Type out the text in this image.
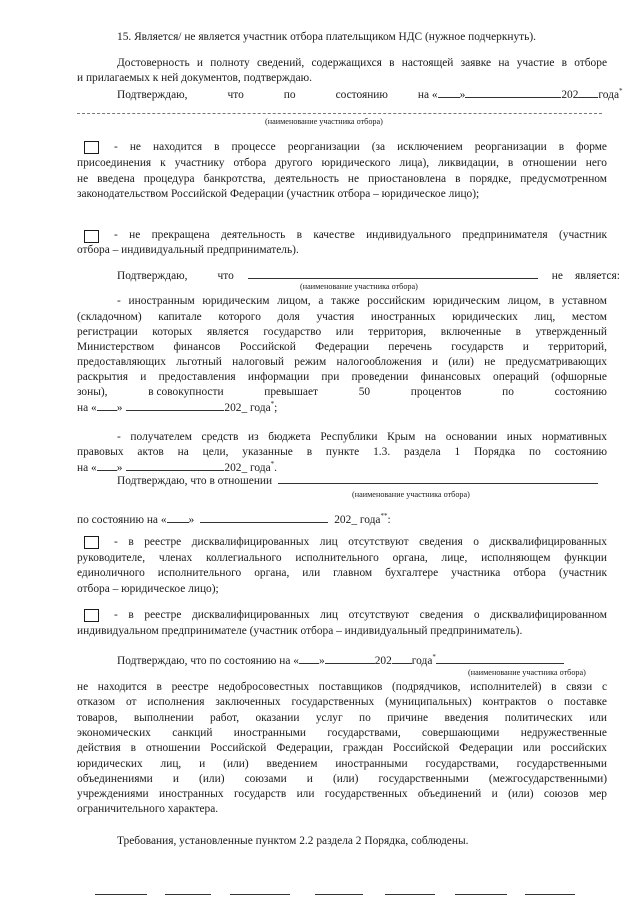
15. Является/ не является участник отбора плательщиком НДС (нужное подчеркнуть).
Достоверность и полноту сведений, содержащихся в настоящей заявке на участие в отборе
и прилагаемых к ней документов, подтверждаю.
Подтверждаю,	что	по	состоянию	на « »	202 года*
(наименование участника отбора)
- не находится в процессе реорганизации (за исключением реорганизации в форме
присоединения к участнику отбора другого юридического лица), ликвидации, в отношении него
не введена процедура банкротства, деятельность не приостановлена в порядке, предусмотренном
законодательством Российской Федерации (участник отбора – юридическое лицо);
- не прекращена деятельность в качестве индивидуального предпринимателя (участник
отбора – индивидуальный предприниматель).
Подтверждаю,	что	не является:
(наименование участника отбора)
- иностранным юридическим лицом, а также российским юридическим лицом, в уставном
(складочном) капитале которого доля участия иностранных юридических лиц, местом
регистрации которых является государство или территория, включенные в утвержденный
Министерством финансов Российской Федерации перечень государств и территорий,
предоставляющих льготный налоговый режим налогообложения и (или) не предусматривающих
раскрытия и предоставления информации при проведении финансовых операций (офшорные
зоны),	в совокупности	превышает	50	процентов	по	состоянию
на « »	202_ года*;
- получателем средств из бюджета Республики Крым на основании иных нормативных
правовых актов на цели, указанные в пункте 1.3. раздела 1 Порядка по состоянию
на « »	202_ года*.
Подтверждаю, что в отношении
(наименование участника отбора)
по состоянию на « »	202_ года**:
- в реестре дисквалифицированных лиц отсутствуют сведения о дисквалифицированных
руководителе, членах коллегиального исполнительного органа, лице, исполняющем функции
единоличного исполнительного органа, или главном бухгалтере участника отбора (участник
отбора – юридическое лицо);
- в реестре дисквалифицированных лиц отсутствуют сведения о дисквалифицированном
индивидуальном предпринимателе (участник отбора – индивидуальный предприниматель).
Подтверждаю, что по состоянию на « »	202 года*
(наименование участника отбора)
не находится в реестре недобросовестных поставщиков (подрядчиков, исполнителей) в связи с
отказом от исполнения заключенных государственных (муниципальных) контрактов о поставке
товаров, выполнении работ, оказании услуг по причине введения политических или
экономических санкций иностранными государствами, совершающими недружественные
действия в отношении Российской Федерации, граждан Российской Федерации или российских
юридических лиц, и (или) введением иностранными государствами, государственными
объединениями и (или) союзами и (или) государственными (межгосударственными)
учреждениями иностранных государств или государственных объединений и (или) союзов мер
ограничительного характера.
Требования, установленные пунктом 2.2 раздела 2 Порядка, соблюдены.
